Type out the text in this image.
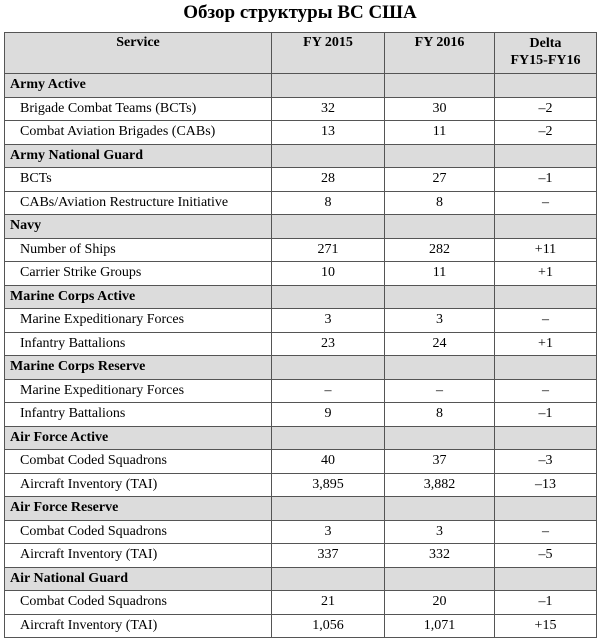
Обзор структуры ВС США
Service	FY 2015	FY 2016	Delta
FY15-FY16
Army Active			
Brigade Combat Teams (BCTs)	32	30	–2
Combat Aviation Brigades (CABs)	13	11	–2
Army National Guard			
BCTs	28	27	–1
CABs/Aviation Restructure Initiative	8	8	–
Navy			
Number of Ships	271	282	+11
Carrier Strike Groups	10	11	+1
Marine Corps Active			
Marine Expeditionary Forces	3	3	–
Infantry Battalions	23	24	+1
Marine Corps Reserve			
Marine Expeditionary Forces	–	–	–
Infantry Battalions	9	8	–1
Air Force Active			
Combat Coded Squadrons	40	37	–3
Aircraft Inventory (TAI)	3,895	3,882	–13
Air Force Reserve			
Combat Coded Squadrons	3	3	–
Aircraft Inventory (TAI)	337	332	–5
Air National Guard			
Combat Coded Squadrons	21	20	–1
Aircraft Inventory (TAI)	1,056	1,071	+15
